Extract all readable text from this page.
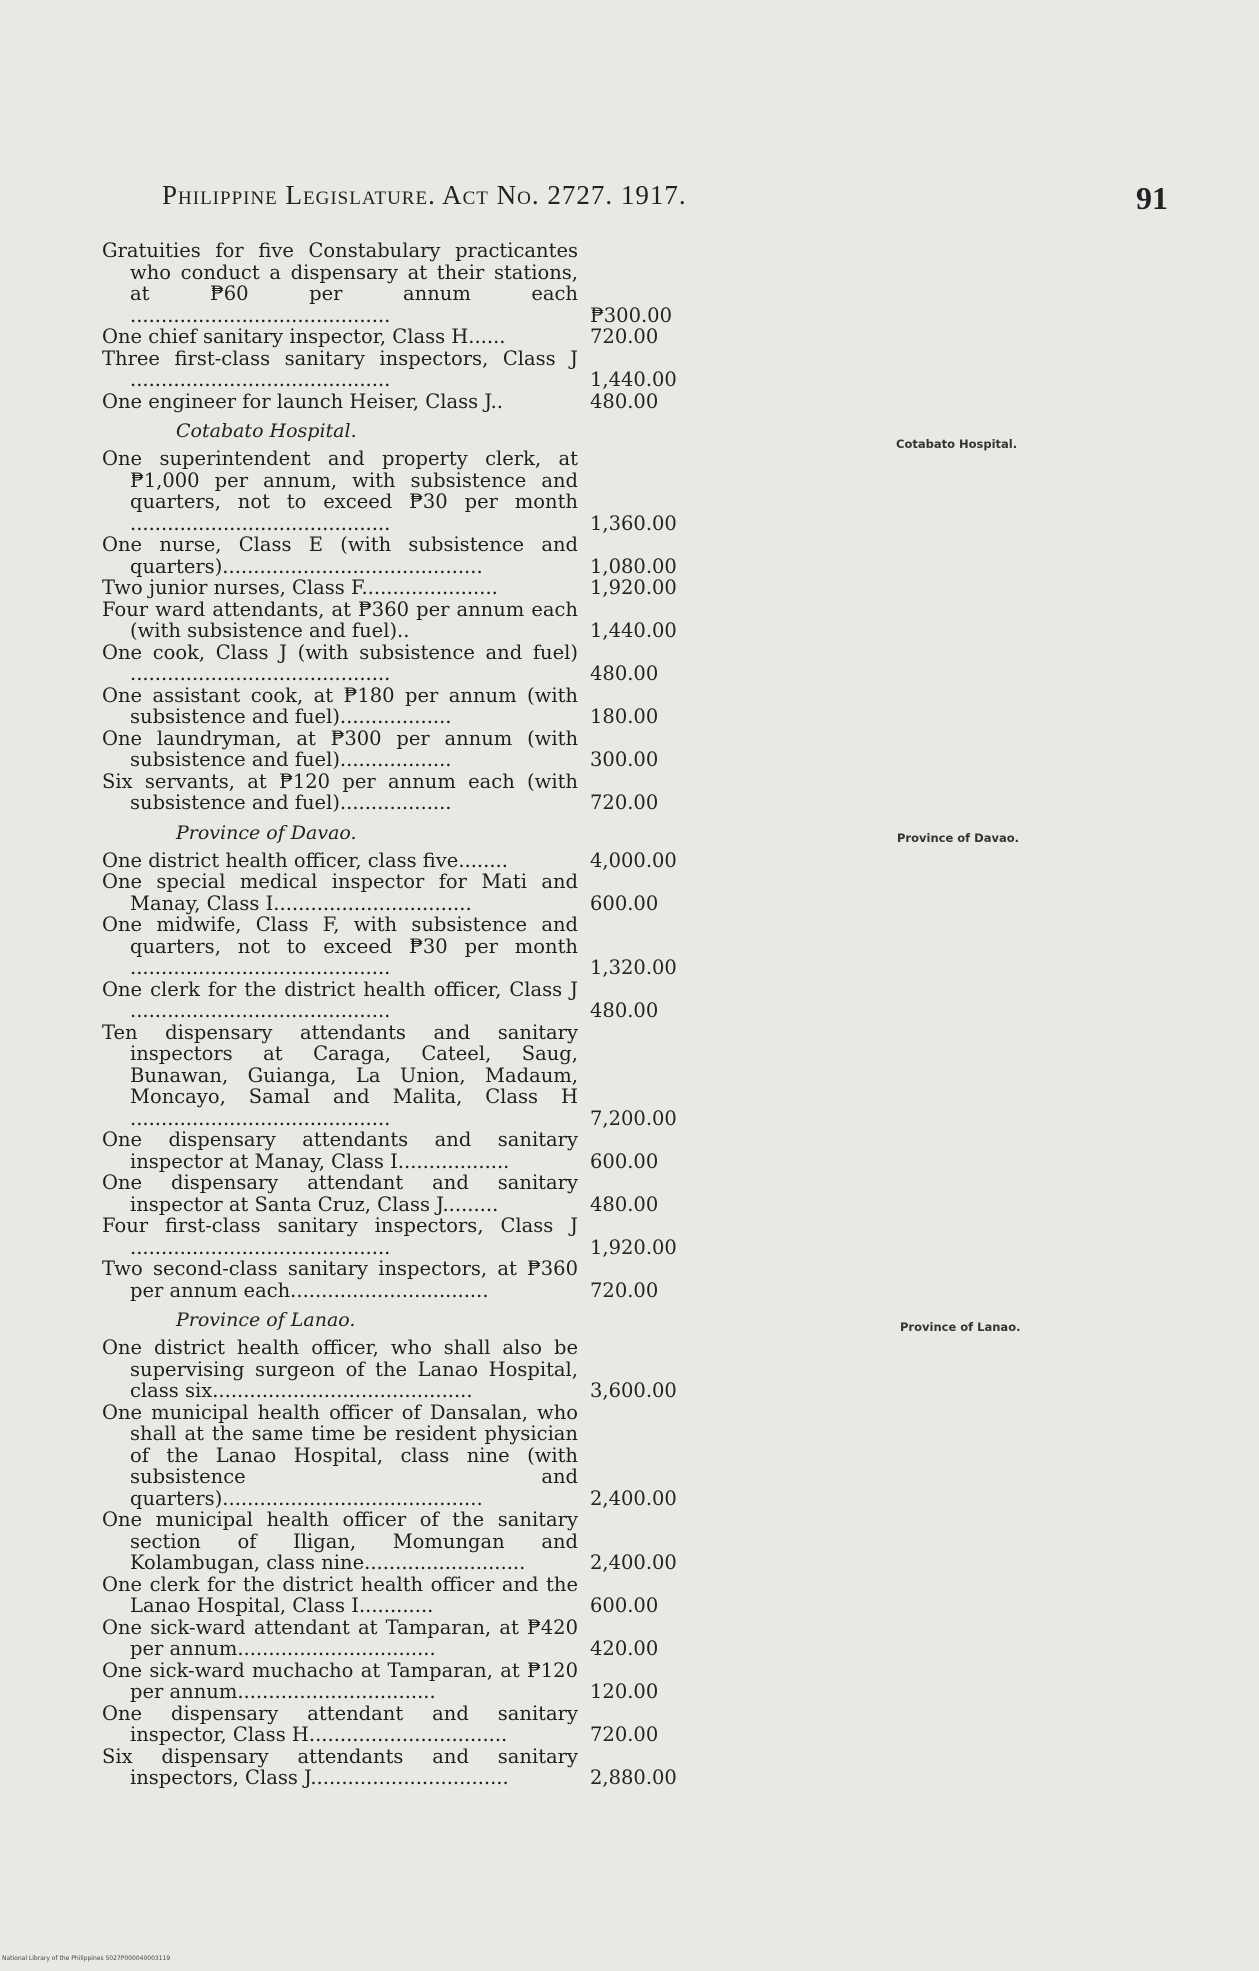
Philippine Legislature. Act No. 2727. 1917.	91
Gratuities for five Constabulary practicantes who conduct a dispensary at their stations, at ₱60 per annum each ..........................................	₱300.00
One chief sanitary inspector, Class H......	720.00
Three first-class sanitary inspectors, Class J ..........................................	1,440.00
One engineer for launch Heiser, Class J..	480.00
Cotabato Hospital.
One superintendent and property clerk, at ₱1,000 per annum, with subsistence and quarters, not to exceed ₱30 per month ..........................................	1,360.00
One nurse, Class E (with subsistence and quarters)..........................................	1,080.00
Two junior nurses, Class F......................	1,920.00
Four ward attendants, at ₱360 per annum each (with subsistence and fuel)..	1,440.00
One cook, Class J (with subsistence and fuel) ..........................................	480.00
One assistant cook, at ₱180 per annum (with subsistence and fuel)..................	180.00
One laundryman, at ₱300 per annum (with subsistence and fuel)..................	300.00
Six servants, at ₱120 per annum each (with subsistence and fuel)..................	720.00
Province of Davao.
One district health officer, class five........	4,000.00
One special medical inspector for Mati and Manay, Class I................................	600.00
One midwife, Class F, with subsistence and quarters, not to exceed ₱30 per month ..........................................	1,320.00
One clerk for the district health officer, Class J ..........................................	480.00
Ten dispensary attendants and sanitary inspectors at Caraga, Cateel, Saug, Bunawan, Guianga, La Union, Madaum, Moncayo, Samal and Malita, Class H ..........................................	7,200.00
One dispensary attendants and sanitary inspector at Manay, Class I..................	600.00
One dispensary attendant and sanitary inspector at Santa Cruz, Class J.........	480.00
Four first-class sanitary inspectors, Class J ..........................................	1,920.00
Two second-class sanitary inspectors, at ₱360 per annum each................................	720.00
Province of Lanao.
One district health officer, who shall also be supervising surgeon of the Lanao Hospital, class six..........................................	3,600.00
One municipal health officer of Dansalan, who shall at the same time be resident physician of the Lanao Hospital, class nine (with subsistence and quarters)..........................................	2,400.00
One municipal health officer of the sanitary section of Iligan, Momungan and Kolambugan, class nine..........................	2,400.00
One clerk for the district health officer and the Lanao Hospital, Class I............	600.00
One sick-ward attendant at Tamparan, at ₱420 per annum................................	420.00
One sick-ward muchacho at Tamparan, at ₱120 per annum................................	120.00
One dispensary attendant and sanitary inspector, Class H................................	720.00
Six dispensary attendants and sanitary inspectors, Class J................................	2,880.00
Cotabato Hospital.
Province of Davao.
Province of Lanao.
National Library of the Philippines 5027P000040003119
